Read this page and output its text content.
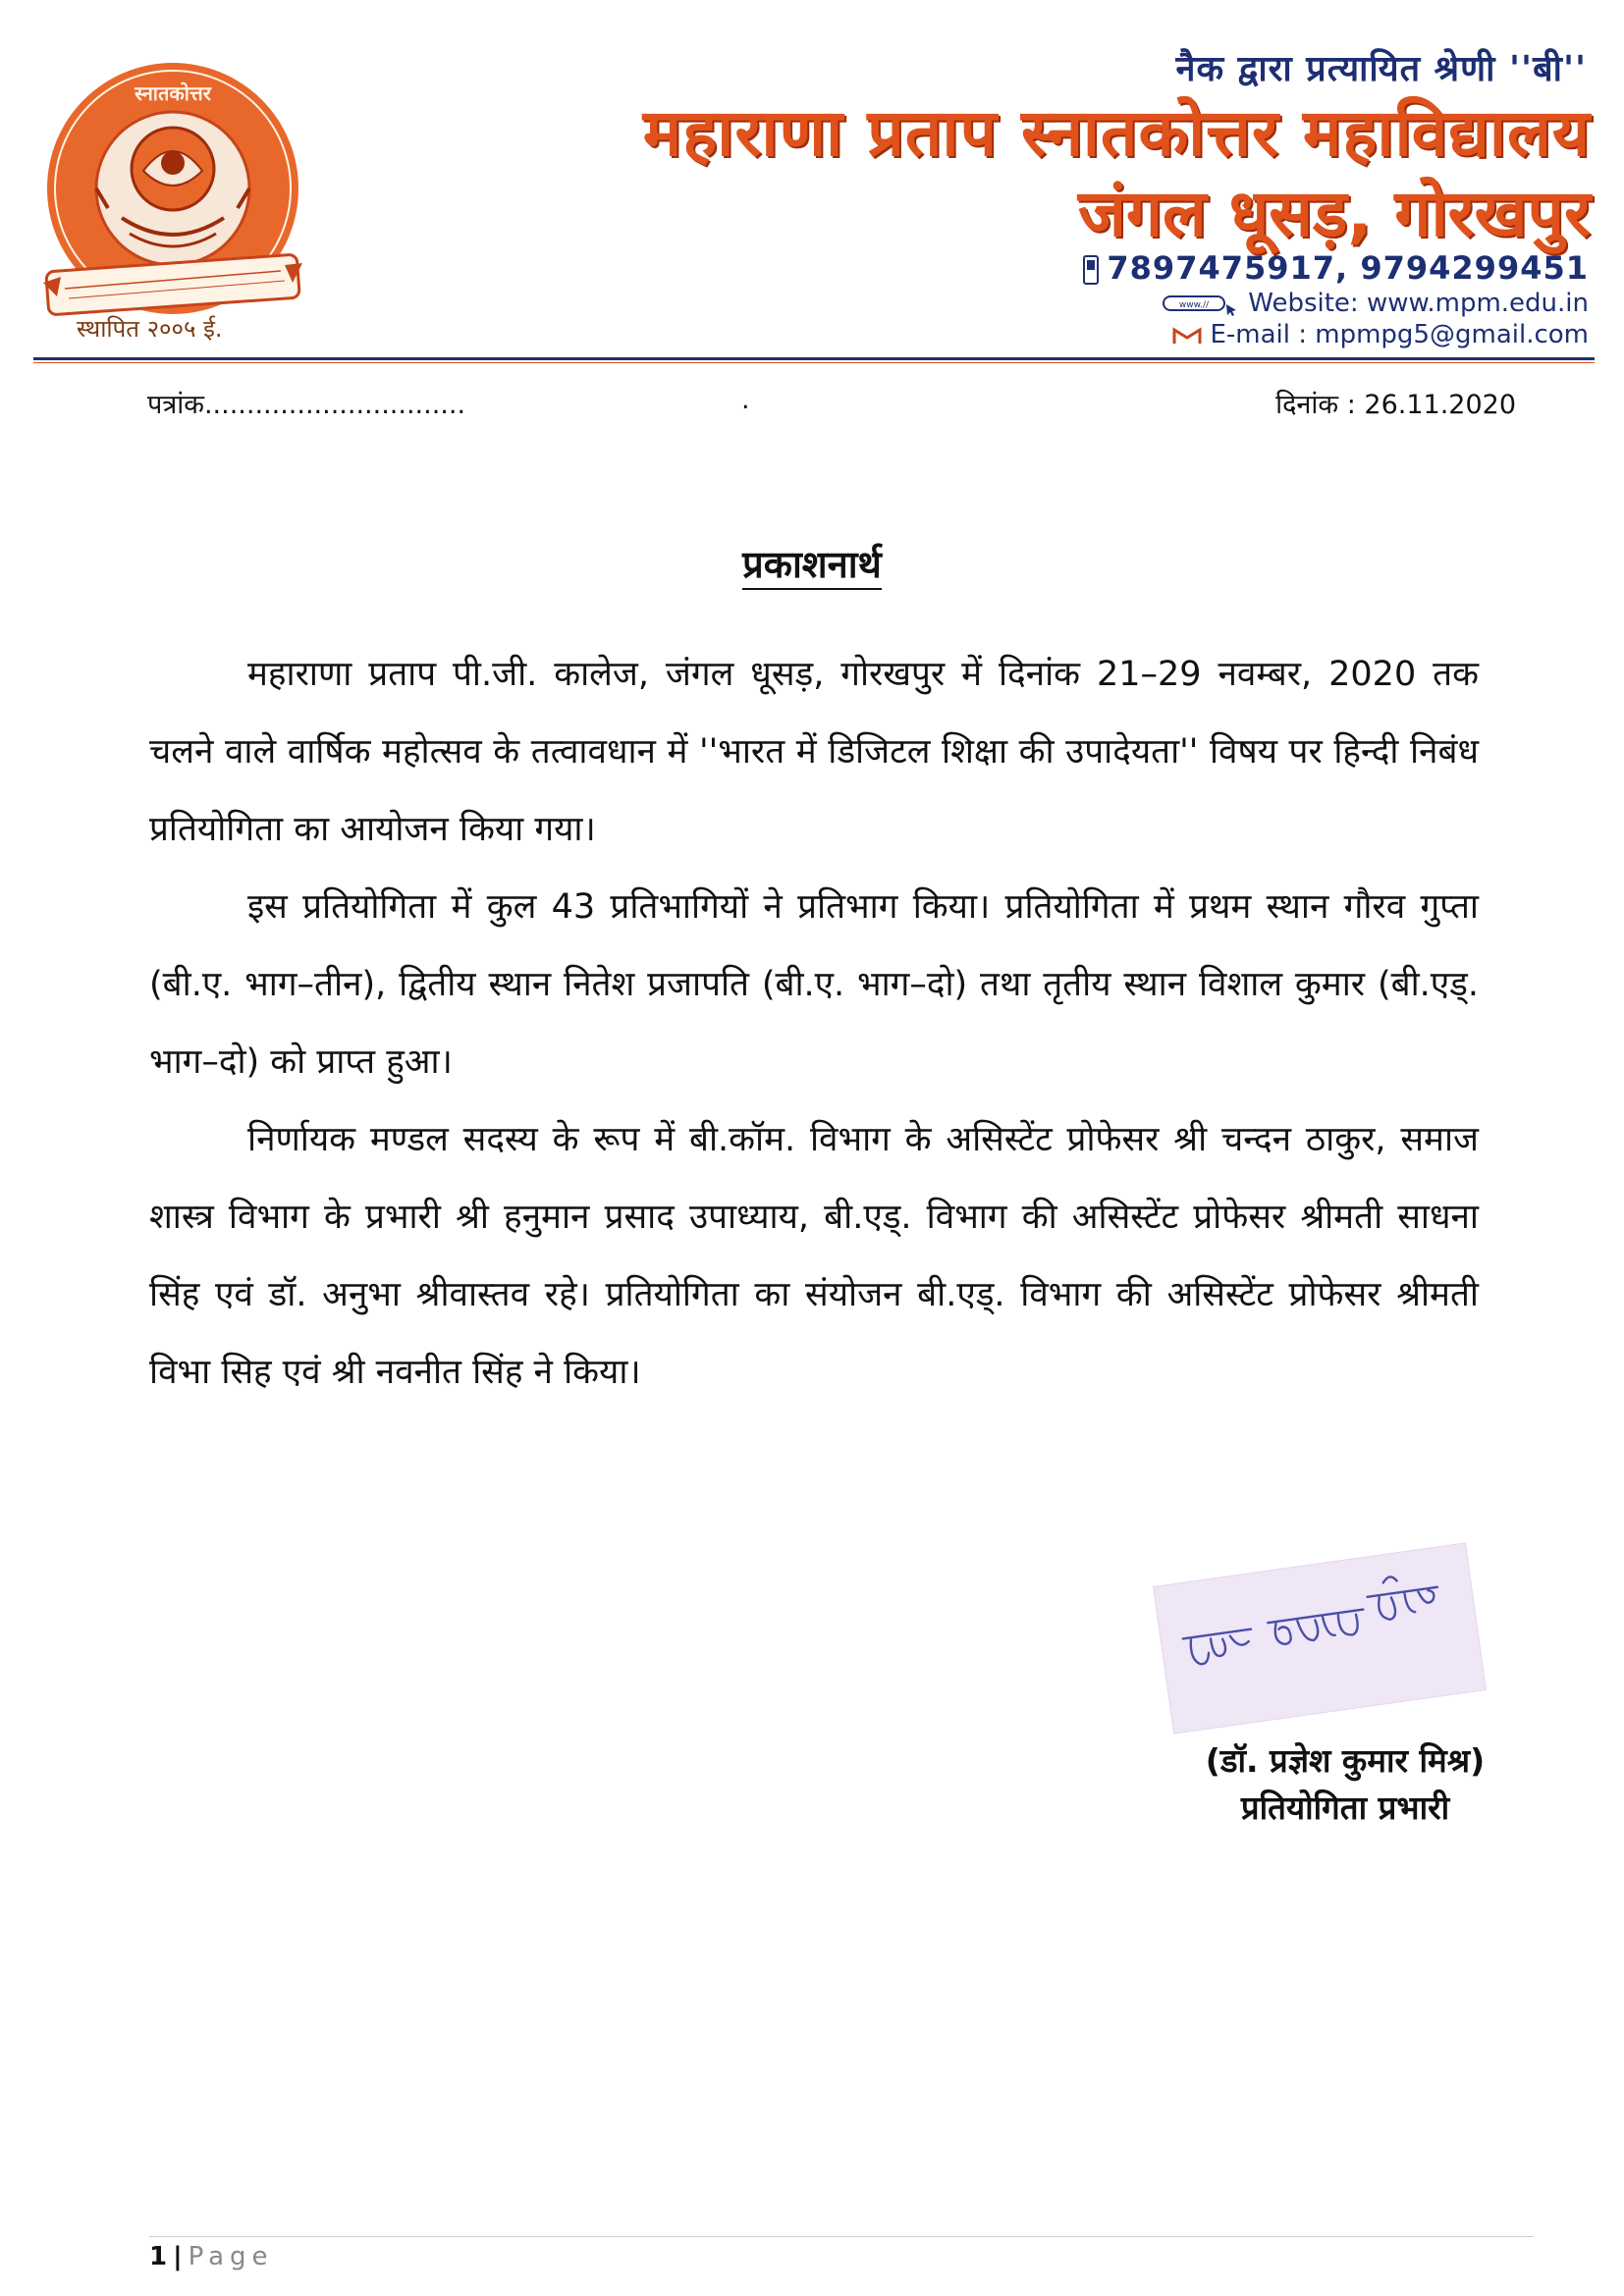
स्नातकोत्तर
स्थापित २००५ ई.
नैक द्वारा प्रत्यायित श्रेणी ''बी''
महाराणा प्रताप स्नातकोत्तर महाविद्यालय
जंगल धूसड़, गोरखपुर
7897475917, 9794299451
www.// Website: www.mpm.edu.in
E-mail : mpmpg5@gmail.com
पत्रांक...............................	.	दिनांक : 26.11.2020
प्रकाशनार्थ

महाराणा प्रताप पी.जी. कालेज, जंगल धूसड़, गोरखपुर में दिनांक 21–29 नवम्बर, 2020 तक चलने वाले वार्षिक महोत्सव के तत्वावधान में ''भारत में डिजिटल शिक्षा की उपादेयता'' विषय पर हिन्दी निबंध प्रतियोगिता का आयोजन किया गया।

इस प्रतियोगिता में कुल 43 प्रतिभागियों ने प्रतिभाग किया। प्रतियोगिता में प्रथम स्थान गौरव गुप्ता (बी.ए. भाग–तीन), द्वितीय स्थान नितेश प्रजापति (बी.ए. भाग–दो) तथा तृतीय स्थान विशाल कुमार (बी.एड्. भाग–दो) को प्राप्त हुआ।

निर्णायक मण्डल सदस्य के रूप में बी.कॉम. विभाग के असिस्टेंट प्रोफेसर श्री चन्दन ठाकुर, समाज शास्त्र विभाग के प्रभारी श्री हनुमान प्रसाद उपाध्याय, बी.एड्. विभाग की असिस्टेंट प्रोफेसर श्रीमती साधना सिंह एवं डॉ. अनुभा श्रीवास्तव रहे। प्रतियोगिता का संयोजन बी.एड्. विभाग की असिस्टेंट प्रोफेसर श्रीमती विभा सिह एवं श्री नवनीत सिंह ने किया।

(डॉ. प्रज्ञेश कुमार मिश्र)
प्रतियोगिता प्रभारी
1 | Page
